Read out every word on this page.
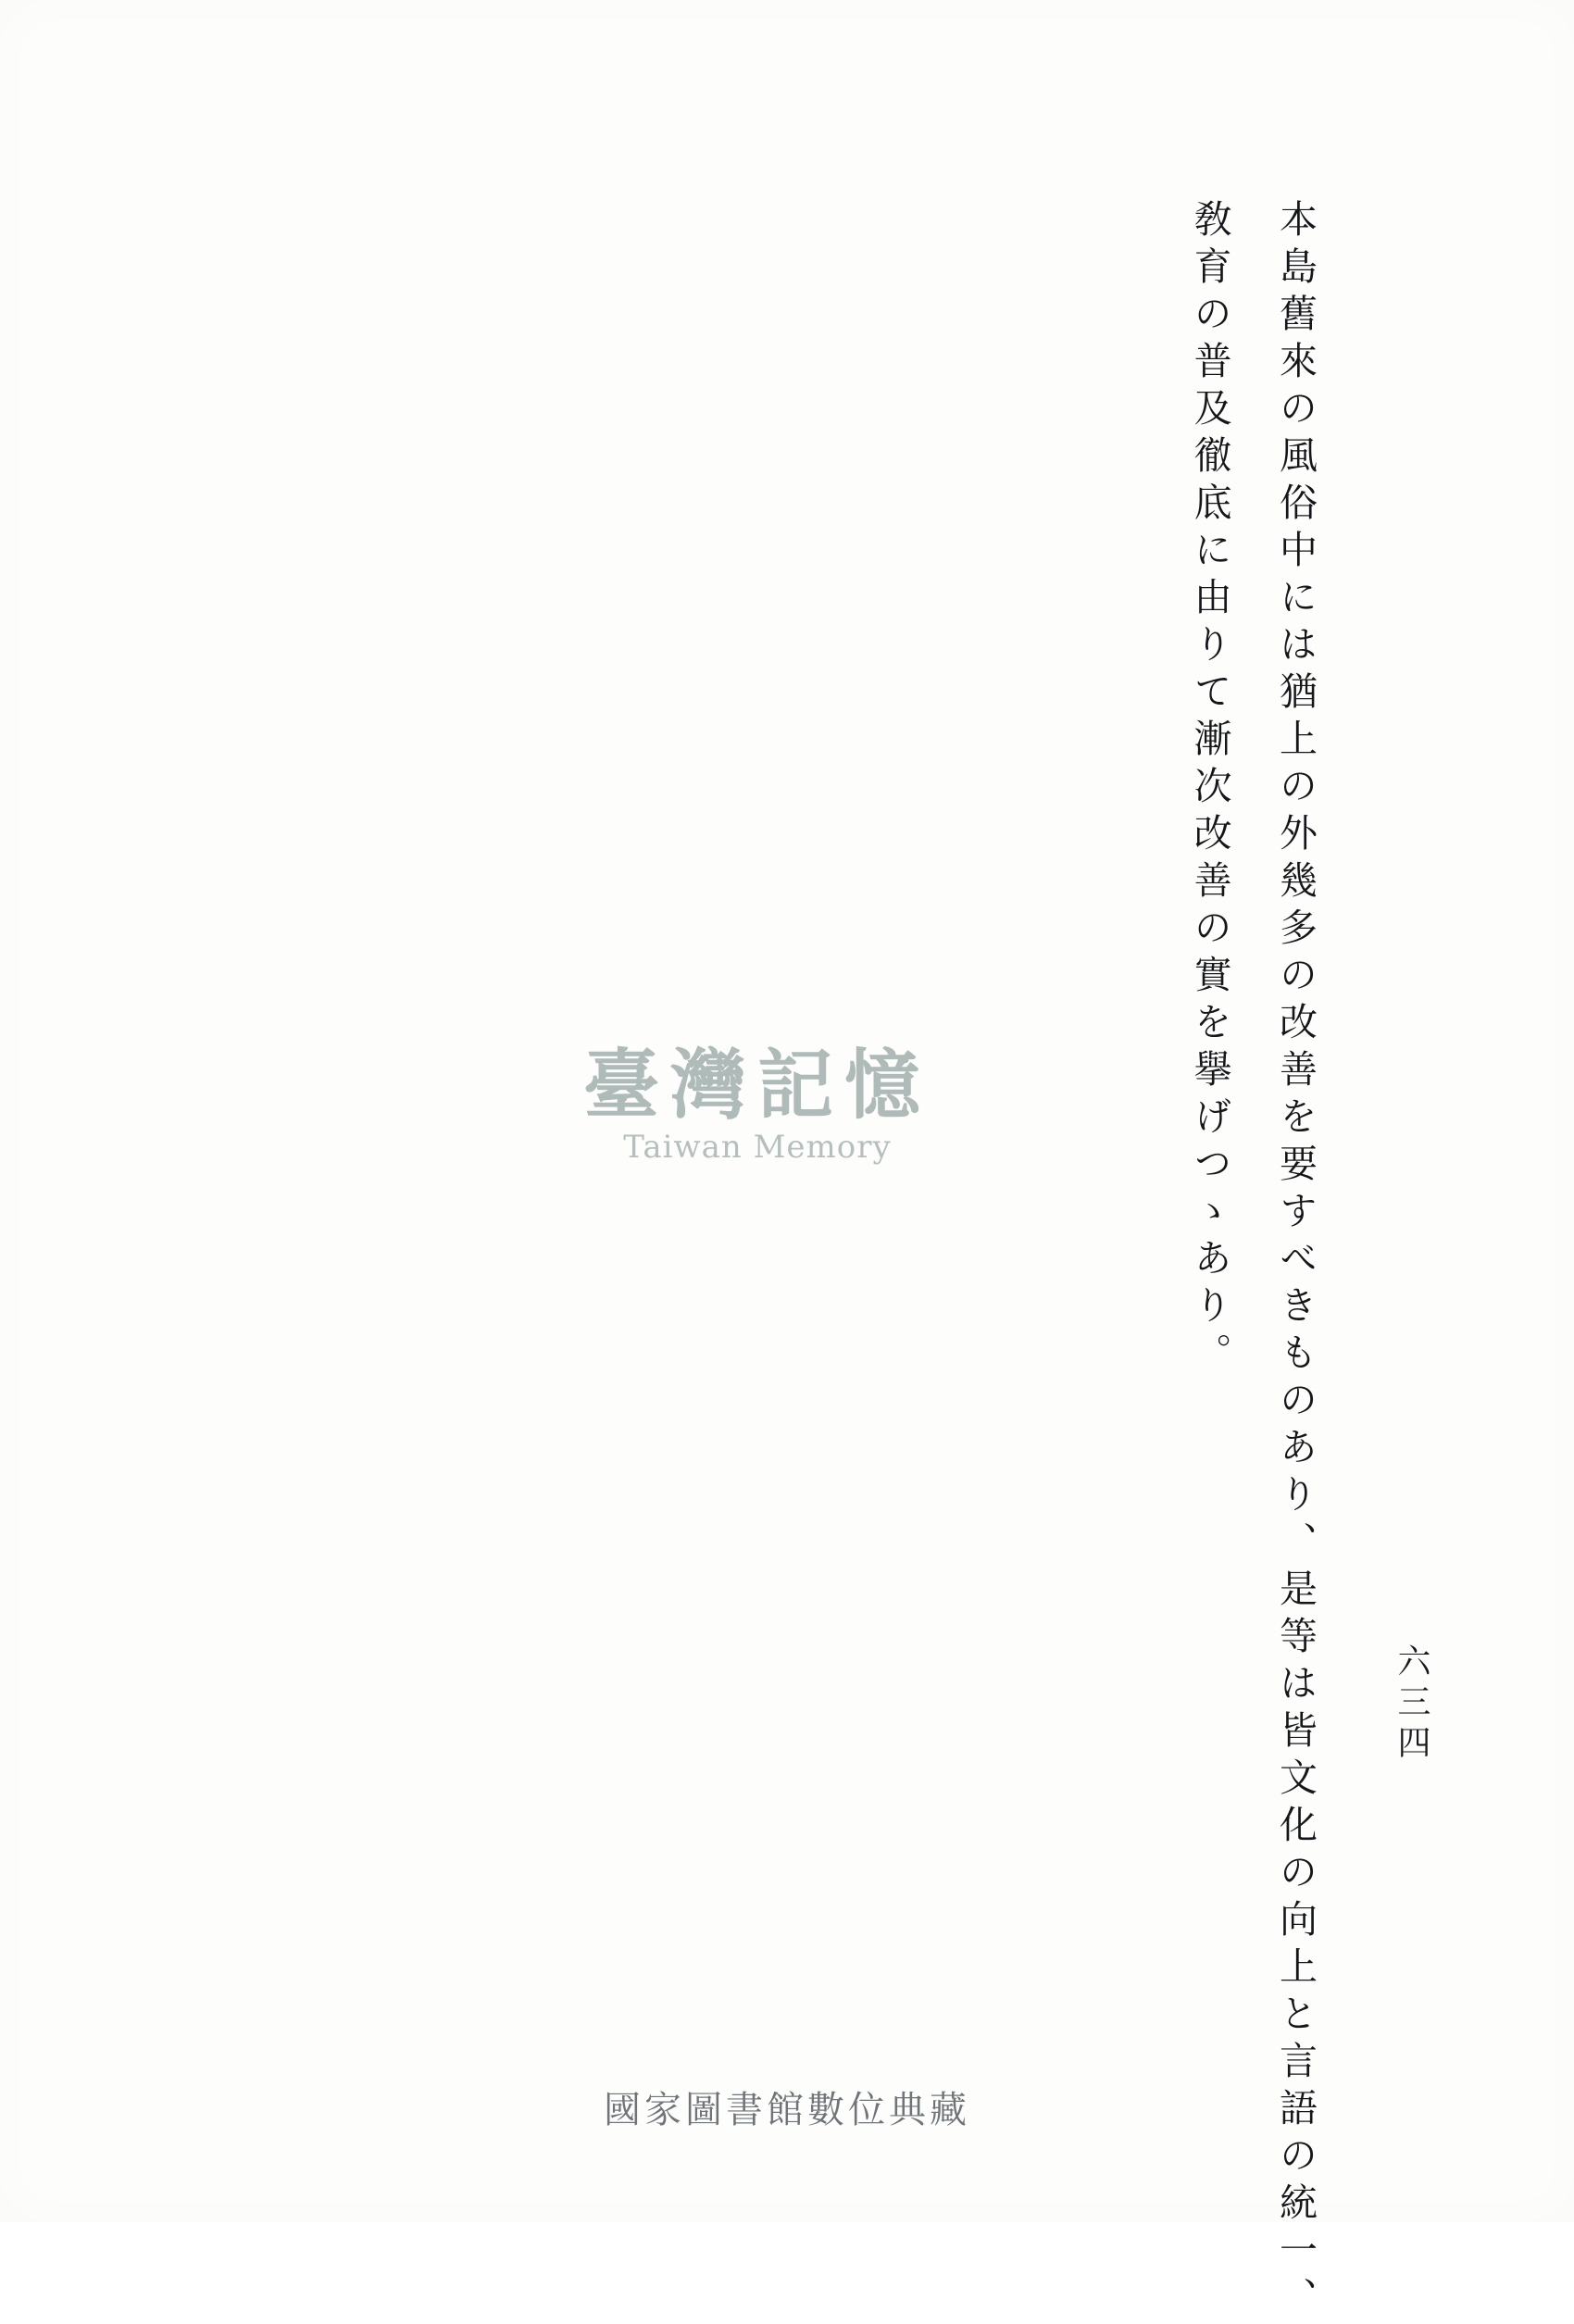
本島舊來の風俗中には猶上の外幾多の改善を要すべきものあり、是等は皆文化の向上と言語の統一、
敎育の普及徹底に由りて漸次改善の實を擧げつゝあり。
六三四
臺灣記憶
Taiwan Memory
國家圖書館數位典藏
